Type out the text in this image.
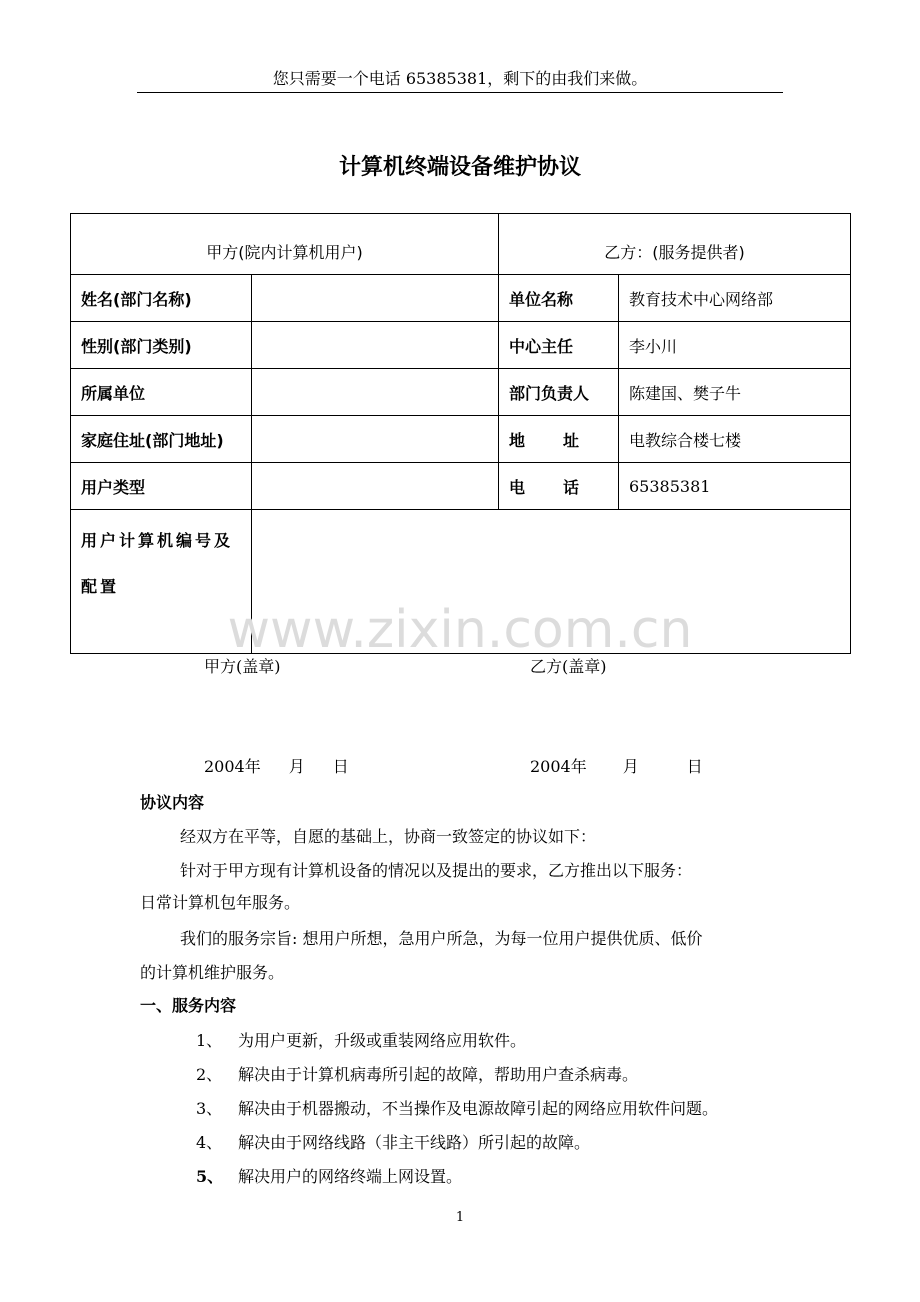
您只需要一个电话 65385381，剩下的由我们来做。
计算机终端设备维护协议
甲方(院内计算机用户)		乙方：(服务提供者)	
姓名(部门名称)		单位名称	教育技术中心网络部
性别(部门类别)		中心主任	李小川
所属单位		部门负责人	陈建国、樊子牛
家庭住址(部门地址)		地 址	电教综合楼七楼
用户类型		电 话	65385381

用户计算机编号及配置			

www.zixin.com.cn
甲方(盖章)	乙方(盖章)
2004年 月 日	2004年 月	日
协议内容
经双方在平等，自愿的基础上，协商一致签定的协议如下：
针对于甲方现有计算机设备的情况以及提出的要求，乙方推出以下服务：
日常计算机包年服务。
我们的服务宗旨: 想用户所想，急用户所急，为每一位用户提供优质、低价
的计算机维护服务。
一、服务内容
1、 为用户更新，升级或重装网络应用软件。
2、 解决由于计算机病毒所引起的故障，帮助用户查杀病毒。
3、 解决由于机器搬动，不当操作及电源故障引起的网络应用软件问题。
4、 解决由于网络线路（非主干线路）所引起的故障。
5、 解决用户的网络终端上网设置。
1
